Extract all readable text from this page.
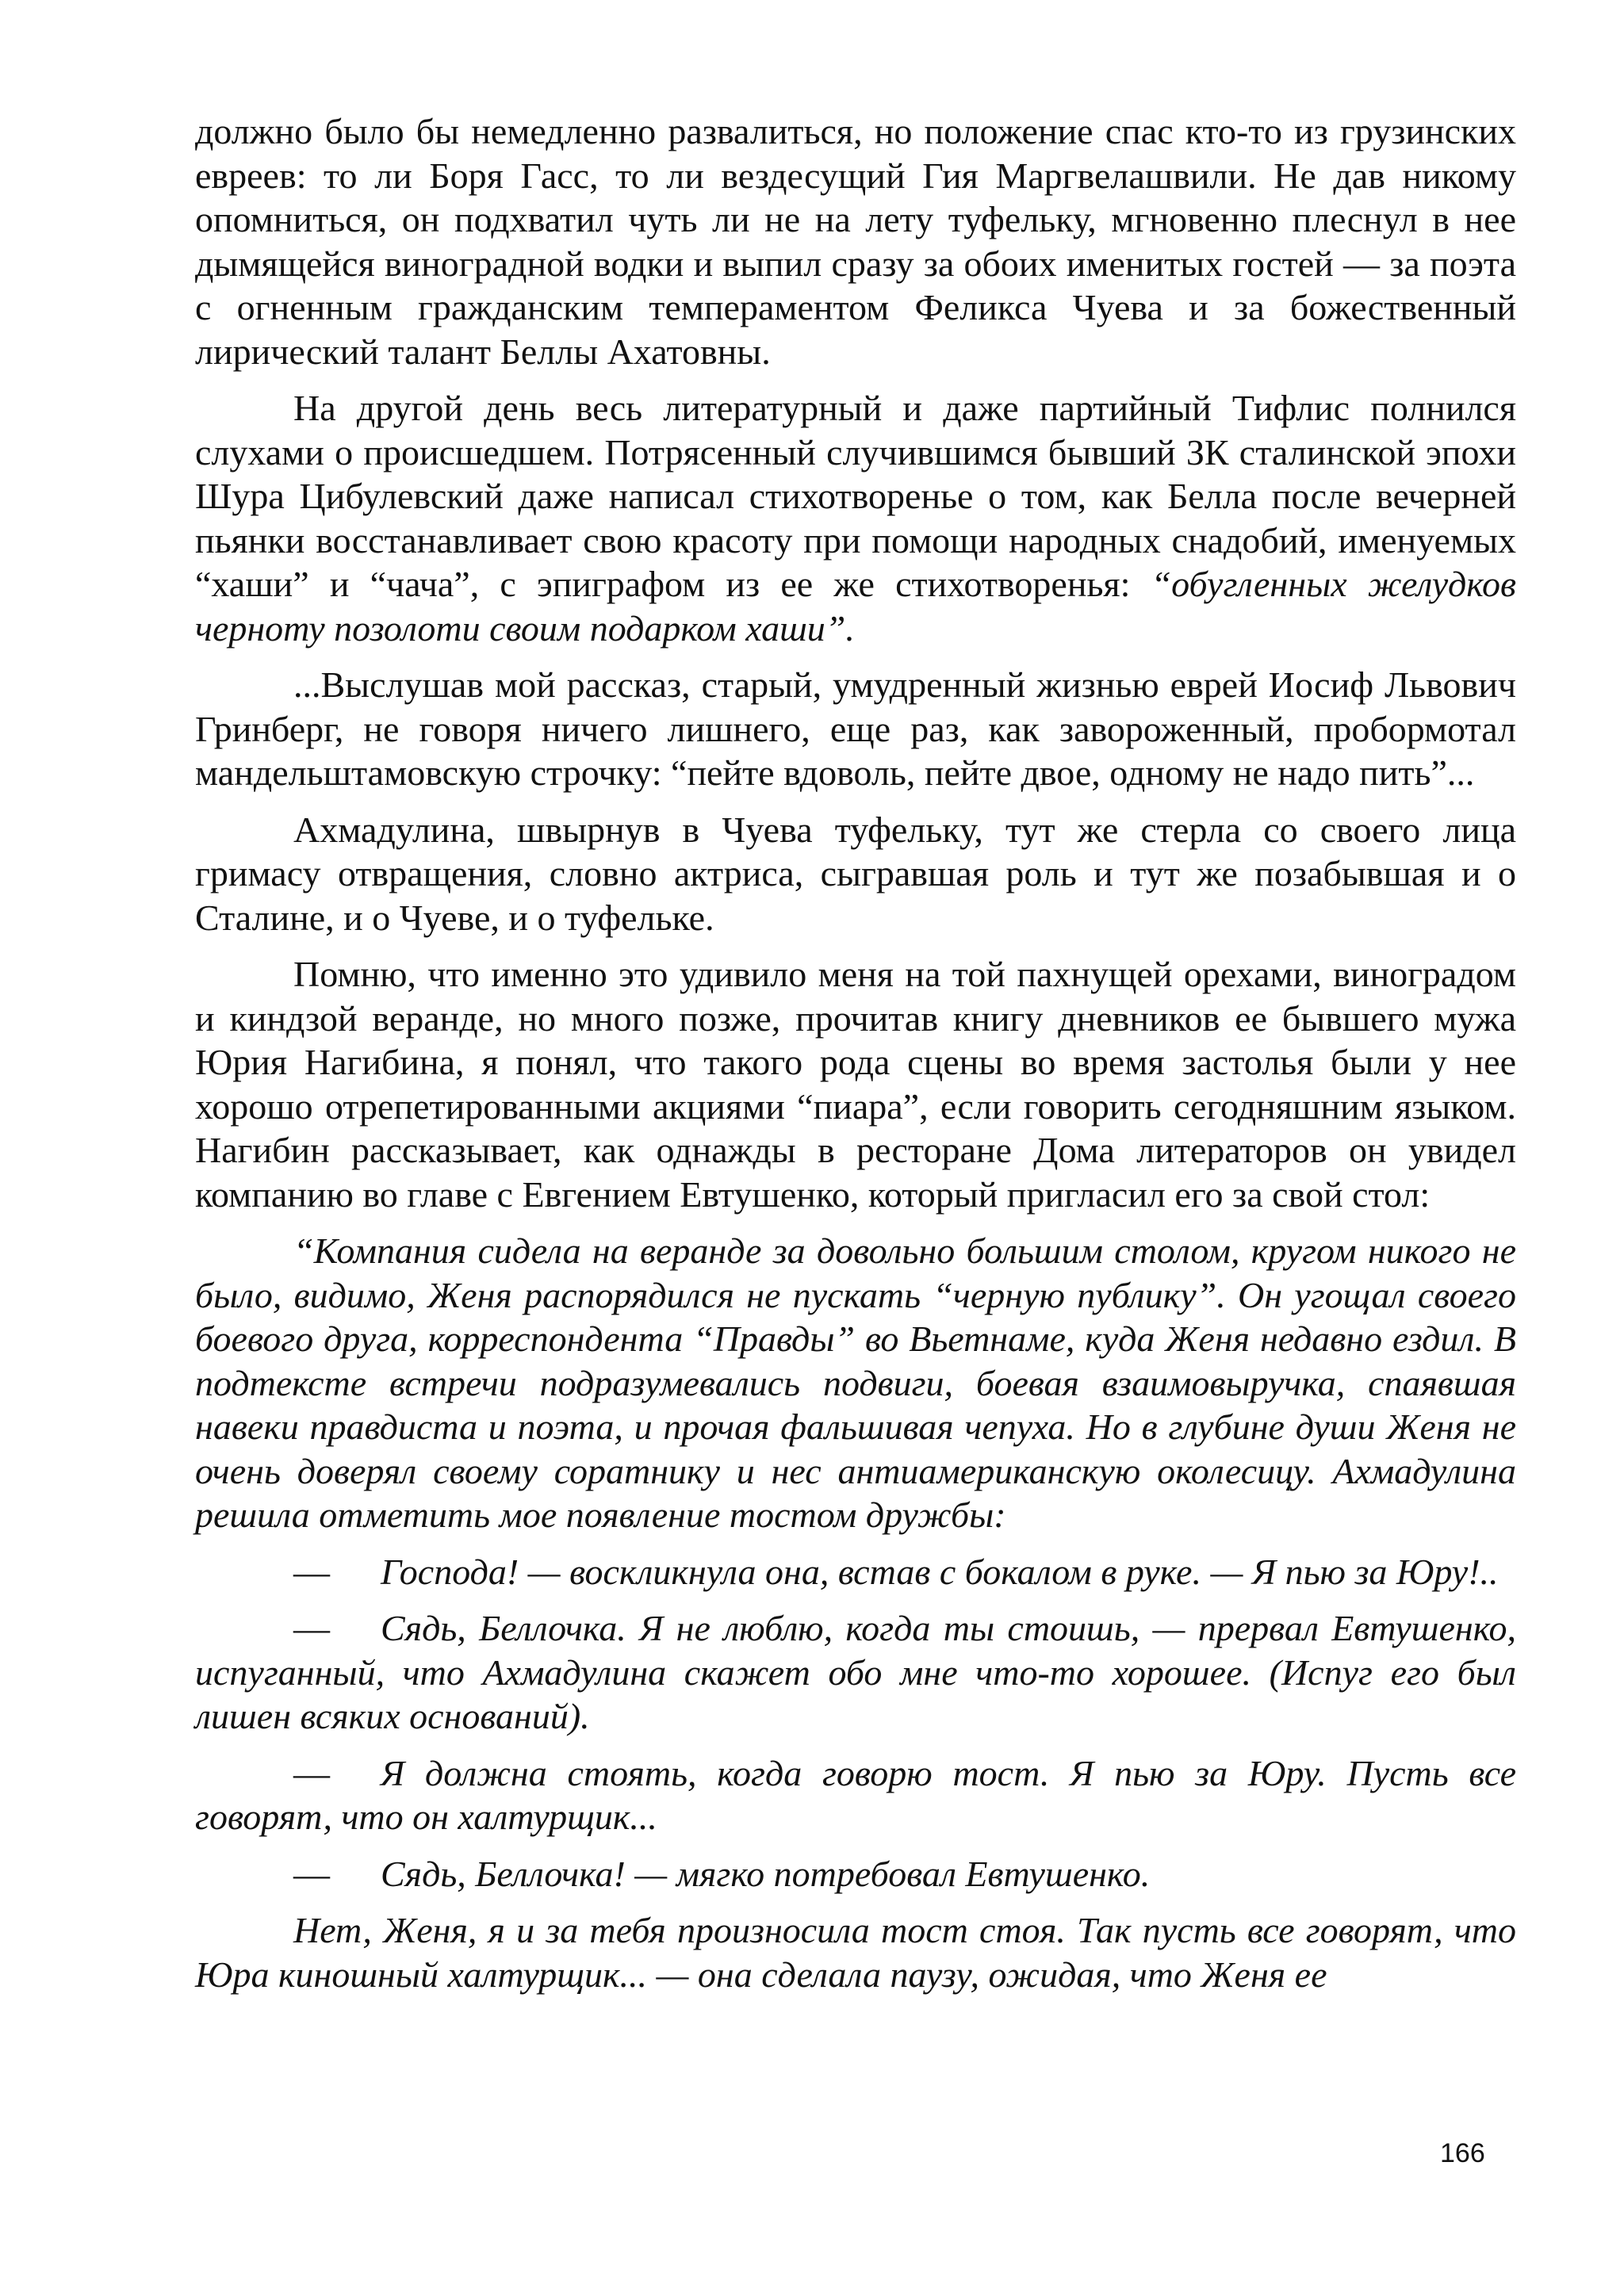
должно было бы немедленно развалиться, но положение спас кто-то из грузинских евреев: то ли Боря Гасс, то ли вездесущий Гия Маргвелашвили. Не дав никому опомниться, он подхватил чуть ли не на лету туфельку, мгновенно плеснул в нее дымящейся виноградной водки и выпил сразу за обоих именитых гостей — за поэта с огненным гражданским темпераментом Феликса Чуева и за божественный лирический талант Беллы Ахатовны.

На другой день весь литературный и даже партийный Тифлис полнился слухами о происшедшем. Потрясенный случившимся бывший ЗК сталинской эпохи Шура Цибулевский даже написал стихотворенье о том, как Белла после вечерней пьянки восстанавливает свою красоту при помощи народных снадобий, именуемых “хаши” и “чача”, с эпиграфом из ее же стихотворенья: “обугленных желудков черноту позолоти своим подарком хаши”.

...Выслушав мой рассказ, старый, умудренный жизнью еврей Иосиф Львович Гринберг, не говоря ничего лишнего, еще раз, как завороженный, пробормотал мандельштамовскую строчку: “пейте вдоволь, пейте двое, одному не надо пить”...

Ахмадулина, швырнув в Чуева туфельку, тут же стерла со своего лица гримасу отвращения, словно актриса, сыгравшая роль и тут же позабывшая и о Сталине, и о Чуеве, и о туфельке.

Помню, что именно это удивило меня на той пахнущей орехами, виноградом и киндзой веранде, но много позже, прочитав книгу дневников ее бывшего мужа Юрия Нагибина, я понял, что такого рода сцены во время застолья были у нее хорошо отрепетированными акциями “пиара”, если говорить сегодняшним языком. Нагибин рассказывает, как однажды в ресторане Дома литераторов он увидел компанию во главе с Евгением Евтушенко, который пригласил его за свой стол:

“Компания сидела на веранде за довольно большим столом, кругом никого не было, видимо, Женя распорядился не пускать “черную публику”. Он угощал своего боевого друга, корреспондента “Правды” во Вьетнаме, куда Женя недавно ездил. В подтексте встречи подразумевались подвиги, боевая взаимовыручка, спаявшая навеки правдиста и поэта, и прочая фальшивая чепуха. Но в глубине души Женя не очень доверял своему соратнику и нес антиамериканскую околесицу. Ахмадулина решила отметить мое появление тостом дружбы:

— Господа! — воскликнула она, встав с бокалом в руке. — Я пью за Юру!..

— Сядь, Беллочка. Я не люблю, когда ты стоишь, — прервал Евтушенко, испуганный, что Ахмадулина скажет обо мне что-то хорошее. (Испуг его был лишен всяких оснований).

— Я должна стоять, когда говорю тост. Я пью за Юру. Пусть все говорят, что он халтурщик...

— Сядь, Беллочка! — мягко потребовал Евтушенко.

Нет, Женя, я и за тебя произносила тост стоя. Так пусть все говорят, что Юра киношный халтурщик... — она сделала паузу, ожидая, что Женя ее

166
